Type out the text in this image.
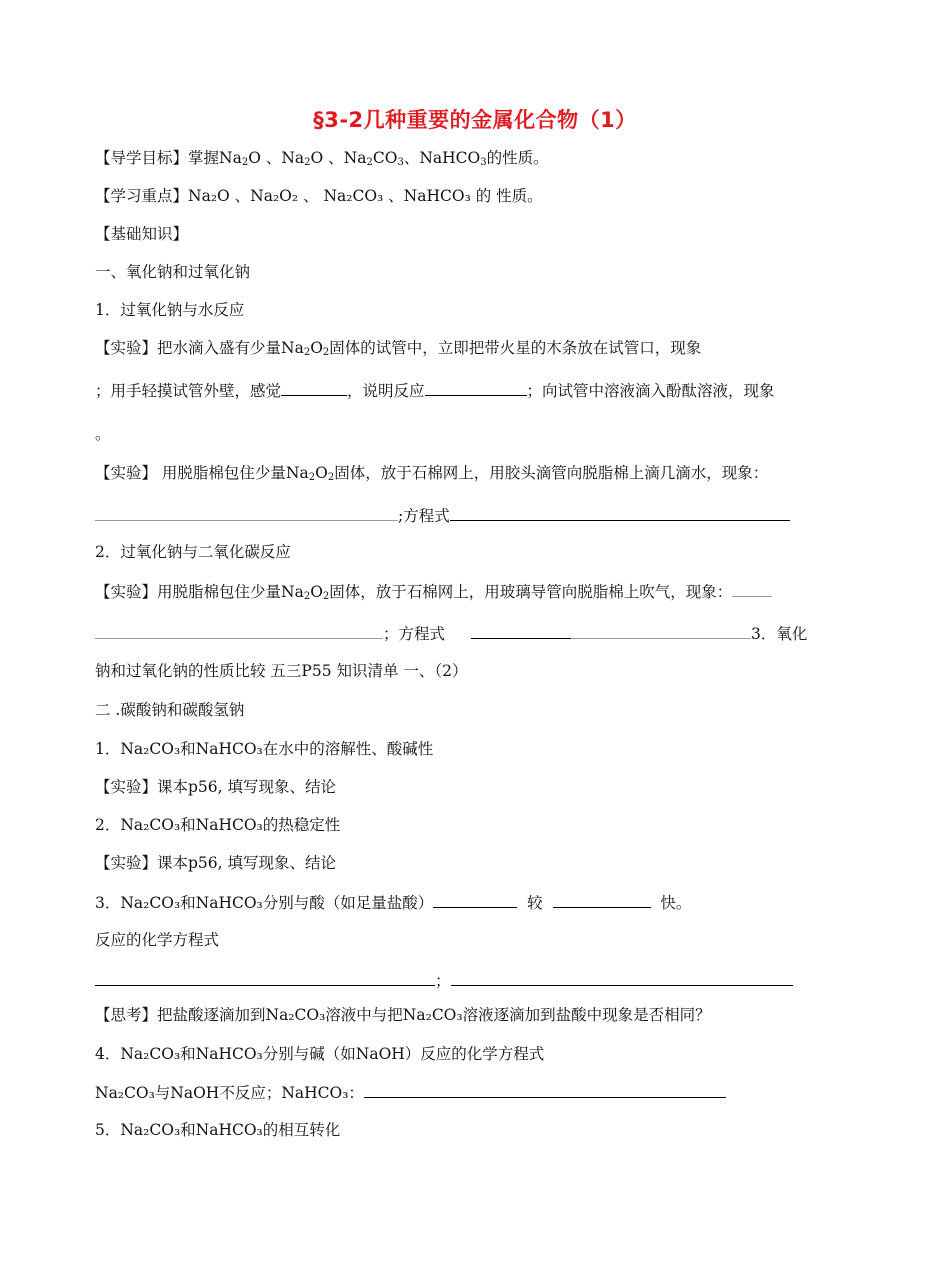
§3-2几种重要的金属化合物（1）
【导学目标】掌握$Na_2O$ 、$Na_2O$ 、$Na_2CO_3$、NaHCO$_3$的性质。
【学习重点】Na₂O 、Na₂O₂ 、 Na₂CO₃ 、NaHCO₃ 的 性质。
【基础知识】
一、氧化钠和过氧化钠
1．过氧化钠与水反应
【实验】把水滴入盛有少量$Na_2O_2$固体的试管中，立即把带火星的木条放在试管口，现象
；用手轻摸试管外壁，感觉	，说明反应	；向试管中溶液滴入酚酞溶液，现象
。
【实验】 用脱脂棉包住少量$Na_2O_2$固体，放于石棉网上，用胶头滴管向脱脂棉上滴几滴水，现象：
;方程式
2．过氧化钠与二氧化碳反应
【实验】用脱脂棉包住少量$Na_2O_2$固体，放于石棉网上，用玻璃导管向脱脂棉上吹气，现象：
；方程式	3．氧化
钠和过氧化钠的性质比较 五三P55 知识清单 一、（2）
二 .碳酸钠和碳酸氢钠
1．Na₂CO₃和NaHCO₃在水中的溶解性、酸碱性
【实验】课本p56, 填写现象、结论
2．Na₂CO₃和NaHCO₃的热稳定性
【实验】课本p56, 填写现象、结论
3．Na₂CO₃和NaHCO₃分别与酸（如足量盐酸）	较	快。
反应的化学方程式
；
【思考】把盐酸逐滴加到Na₂CO₃溶液中与把Na₂CO₃溶液逐滴加到盐酸中现象是否相同？
4．Na₂CO₃和NaHCO₃分别与碱（如NaOH）反应的化学方程式
Na₂CO₃与NaOH不反应；NaHCO₃：
5．Na₂CO₃和NaHCO₃的相互转化
